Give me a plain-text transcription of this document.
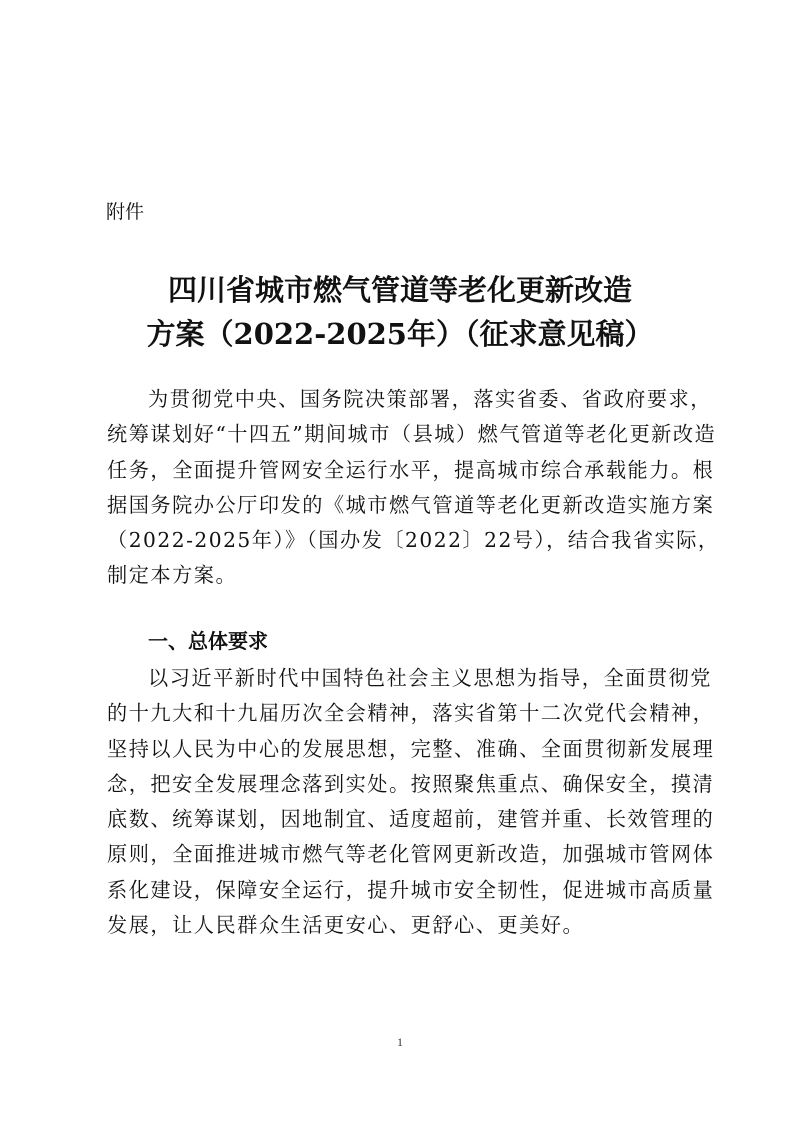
附件
四川省城市燃气管道等老化更新改造
方案（2022-2025年）（征求意见稿）
为贯彻党中央、国务院决策部署，落实省委、省政府要求，
统筹谋划好“十四五”期间城市（县城）燃气管道等老化更新改造
任务，全面提升管网安全运行水平，提高城市综合承载能力。根
据国务院办公厅印发的《城市燃气管道等老化更新改造实施方案
（2022-2025年）》（国办发〔2022〕22号），结合我省实际，
制定本方案。
一、总体要求
以习近平新时代中国特色社会主义思想为指导，全面贯彻党
的十九大和十九届历次全会精神，落实省第十二次党代会精神，
坚持以人民为中心的发展思想，完整、准确、全面贯彻新发展理
念，把安全发展理念落到实处。按照聚焦重点、确保安全，摸清
底数、统筹谋划，因地制宜、适度超前，建管并重、长效管理的
原则，全面推进城市燃气等老化管网更新改造，加强城市管网体
系化建设，保障安全运行，提升城市安全韧性，促进城市高质量
发展，让人民群众生活更安心、更舒心、更美好。
1
